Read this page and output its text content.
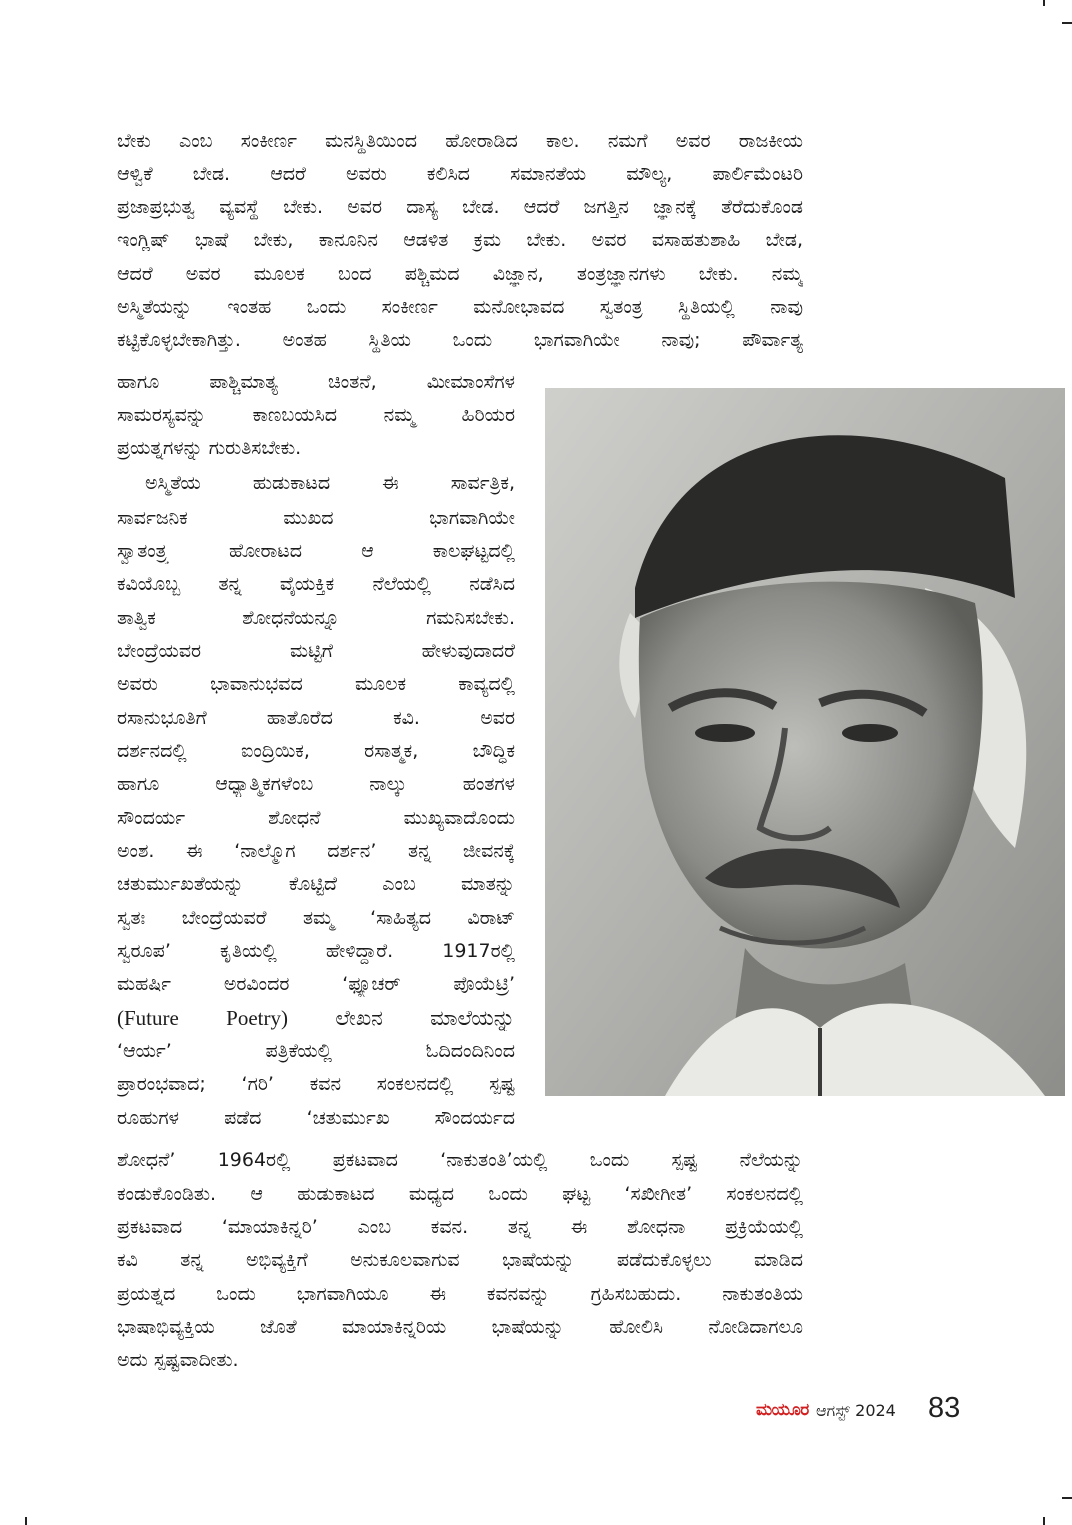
ಬೇಕು ಎಂಬ ಸಂಕೀರ್ಣ ಮನಸ್ಥಿತಿಯಿಂದ ಹೋರಾಡಿದ ಕಾಲ. ನಮಗೆ ಅವರ ರಾಜಕೀಯ

ಆಳ್ವಿಕೆ ಬೇಡ. ಆದರೆ ಅವರು ಕಲಿಸಿದ ಸಮಾನತೆಯ ಮೌಲ್ಯ, ಪಾರ್ಲಿಮೆಂಟರಿ

ಪ್ರಜಾಪ್ರಭುತ್ವ ವ್ಯವಸ್ಥೆ ಬೇಕು. ಅವರ ದಾಸ್ಯ ಬೇಡ. ಆದರೆ ಜಗತ್ತಿನ ಜ್ಞಾನಕ್ಕೆ ತೆರೆದುಕೊಂಡ

ಇಂಗ್ಲಿಷ್ ಭಾಷೆ ಬೇಕು, ಕಾನೂನಿನ ಆಡಳಿತ ಕ್ರಮ ಬೇಕು. ಅವರ ವಸಾಹತುಶಾಹಿ ಬೇಡ,

ಆದರೆ ಅವರ ಮೂಲಕ ಬಂದ ಪಶ್ಚಿಮದ ವಿಜ್ಞಾನ, ತಂತ್ರಜ್ಞಾನಗಳು ಬೇಕು. ನಮ್ಮ

ಅಸ್ಮಿತೆಯನ್ನು ಇಂತಹ ಒಂದು ಸಂಕೀರ್ಣ ಮನೋಭಾವದ ಸ್ವತಂತ್ರ ಸ್ಥಿತಿಯಲ್ಲಿ ನಾವು

ಕಟ್ಟಿಕೊಳ್ಳಬೇಕಾಗಿತ್ತು. ಅಂತಹ ಸ್ಥಿತಿಯ ಒಂದು ಭಾಗವಾಗಿಯೇ ನಾವು; ಪೌರ್ವಾತ್ಯ

ಹಾಗೂ ಪಾಶ್ಚಿಮಾತ್ಯ ಚಿಂತನೆ, ಮೀಮಾಂಸೆಗಳ

ಸಾಮರಸ್ಯವನ್ನು ಕಾಣಬಯಸಿದ ನಮ್ಮ ಹಿರಿಯರ

ಪ್ರಯತ್ನಗಳನ್ನು ಗುರುತಿಸಬೇಕು.

ಅಸ್ಮಿತೆಯ ಹುಡುಕಾಟದ ಈ ಸಾರ್ವತ್ರಿಕ,

ಸಾರ್ವಜನಿಕ ಮುಖದ ಭಾಗವಾಗಿಯೇ

ಸ್ವಾತಂತ್ರ್ಯ ಹೋರಾಟದ ಆ ಕಾಲಘಟ್ಟದಲ್ಲಿ

ಕವಿಯೊಬ್ಬ ತನ್ನ ವೈಯಕ್ತಿಕ ನೆಲೆಯಲ್ಲಿ ನಡೆಸಿದ

ತಾತ್ವಿಕ ಶೋಧನೆಯನ್ನೂ ಗಮನಿಸಬೇಕು.

ಬೇಂದ್ರೆಯವರ ಮಟ್ಟಿಗೆ ಹೇಳುವುದಾದರೆ

ಅವರು ಭಾವಾನುಭವದ ಮೂಲಕ ಕಾವ್ಯದಲ್ಲಿ

ರಸಾನುಭೂತಿಗೆ ಹಾತೊರೆದ ಕವಿ. ಅವರ

ದರ್ಶನದಲ್ಲಿ ಐಂದ್ರಿಯಿಕ, ರಸಾತ್ಮಕ, ಬೌದ್ಧಿಕ

ಹಾಗೂ ಆಧ್ಯಾತ್ಮಿಕಗಳೆಂಬ ನಾಲ್ಕು ಹಂತಗಳ

ಸೌಂದರ್ಯ ಶೋಧನೆ ಮುಖ್ಯವಾದೊಂದು

ಅಂಶ. ಈ ‘ನಾಲ್ಮೊಗ ದರ್ಶನ’ ತನ್ನ ಜೀವನಕ್ಕೆ

ಚತುರ್ಮುಖತೆಯನ್ನು ಕೊಟ್ಟಿದೆ ಎಂಬ ಮಾತನ್ನು

ಸ್ವತಃ ಬೇಂದ್ರೆಯವರೆ ತಮ್ಮ ‘ಸಾಹಿತ್ಯದ ವಿರಾಟ್

ಸ್ವರೂಪ’ ಕೃತಿಯಲ್ಲಿ ಹೇಳಿದ್ದಾರೆ. 1917ರಲ್ಲಿ

ಮಹರ್ಷಿ ಅರವಿಂದರ ‘ಫ್ಯೂಚರ್ ಪೊಯೆಟ್ರಿ’

(Future Poetry) ಲೇಖನ ಮಾಲೆಯನ್ನು

‘ಆರ್ಯ’ ಪತ್ರಿಕೆಯಲ್ಲಿ ಓದಿದಂದಿನಿಂದ

ಪ್ರಾರಂಭವಾದ; ‘ಗರಿ’ ಕವನ ಸಂಕಲನದಲ್ಲಿ ಸ್ಪಷ್ಟ

ರೂಹುಗಳ ಪಡೆದ ‘ಚತುರ್ಮುಖ ಸೌಂದರ್ಯದ

ಶೋಧನೆ’ 1964ರಲ್ಲಿ ಪ್ರಕಟವಾದ ‘ನಾಕುತಂತಿ’ಯಲ್ಲಿ ಒಂದು ಸ್ಪಷ್ಟ ನೆಲೆಯನ್ನು

ಕಂಡುಕೊಂಡಿತು. ಆ ಹುಡುಕಾಟದ ಮಧ್ಯದ ಒಂದು ಘಟ್ಟ ‘ಸಖೀಗೀತ’ ಸಂಕಲನದಲ್ಲಿ

ಪ್ರಕಟವಾದ ‘ಮಾಯಾಕಿನ್ನರಿ’ ಎಂಬ ಕವನ. ತನ್ನ ಈ ಶೋಧನಾ ಪ್ರಕ್ರಿಯೆಯಲ್ಲಿ

ಕವಿ ತನ್ನ ಅಭಿವ್ಯಕ್ತಿಗೆ ಅನುಕೂಲವಾಗುವ ಭಾಷೆಯನ್ನು ಪಡೆದುಕೊಳ್ಳಲು ಮಾಡಿದ

ಪ್ರಯತ್ನದ ಒಂದು ಭಾಗವಾಗಿಯೂ ಈ ಕವನವನ್ನು ಗ್ರಹಿಸಬಹುದು. ನಾಕುತಂತಿಯ

ಭಾಷಾಭಿವ್ಯಕ್ತಿಯ ಜೊತೆ ಮಾಯಾಕಿನ್ನರಿಯ ಭಾಷೆಯನ್ನು ಹೋಲಿಸಿ ನೋಡಿದಾಗಲೂ

ಅದು ಸ್ಪಷ್ಟವಾದೀತು.

ಮಯೂರ ಆಗಸ್ಟ್ 2024 83
